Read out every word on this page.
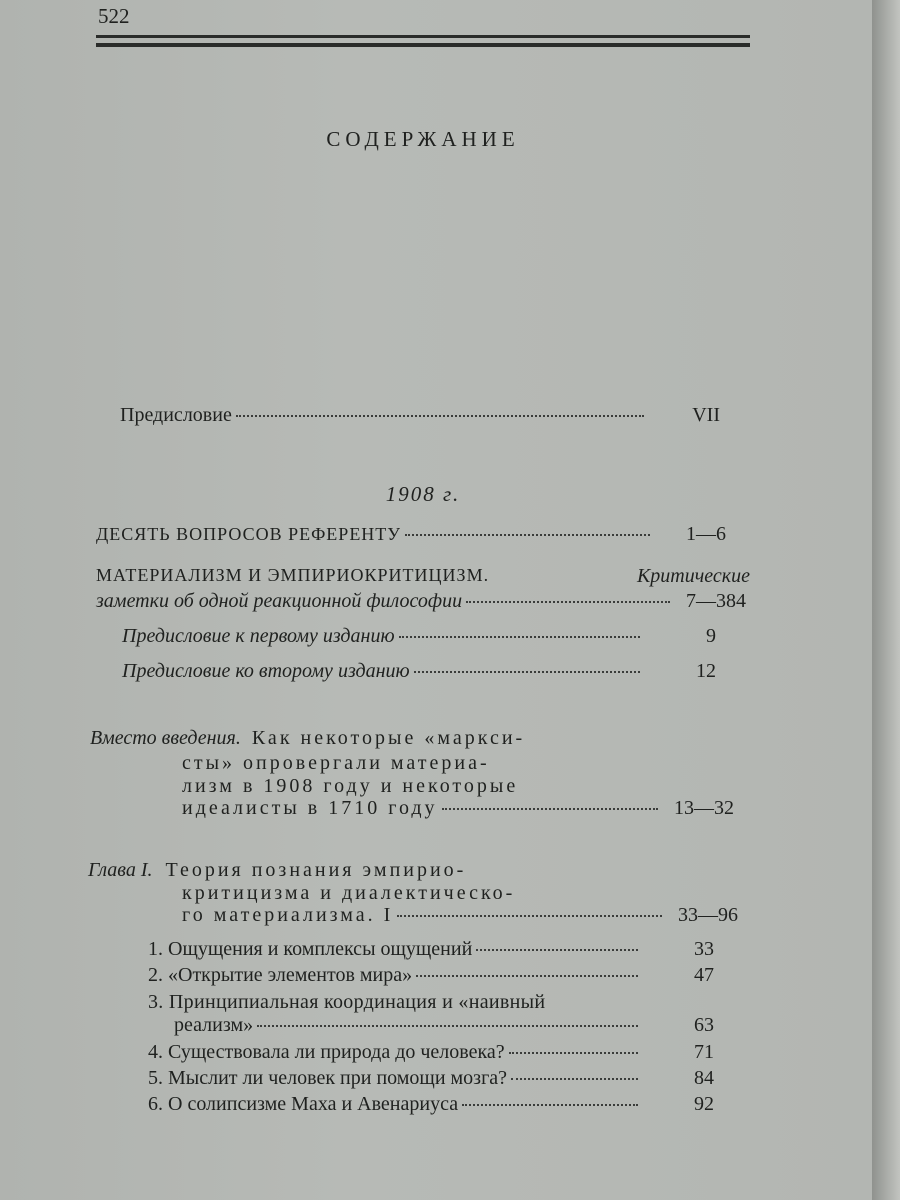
522
СОДЕРЖАНИЕ
Предисловие	VII
1908 г.
ДЕСЯТЬ ВОПРОСОВ РЕФЕРЕНТУ	1—6
МАТЕРИАЛИЗМ И ЭМПИРИОКРИТИЦИЗМ.	Критические
заметки об одной реакционной философии	7—384
Предисловие к первому изданию	9
Предисловие ко второму изданию	12
Вместо введения. Как некоторые «маркси-
сты» опровергали материа-
лизм в 1908 году и некоторые
идеалисты в 1710 году	13—32
Глава I. Теория познания эмпирио-
критицизма и диалектическо-
го материализма. I	33—96
1. Ощущения и комплексы ощущений	33
2. «Открытие элементов мира»	47
3. Принципиальная координация и «наивный
реализм»	63
4. Существовала ли природа до человека?	71
5. Мыслит ли человек при помощи мозга?	84
6. О солипсизме Маха и Авенариуса	92
